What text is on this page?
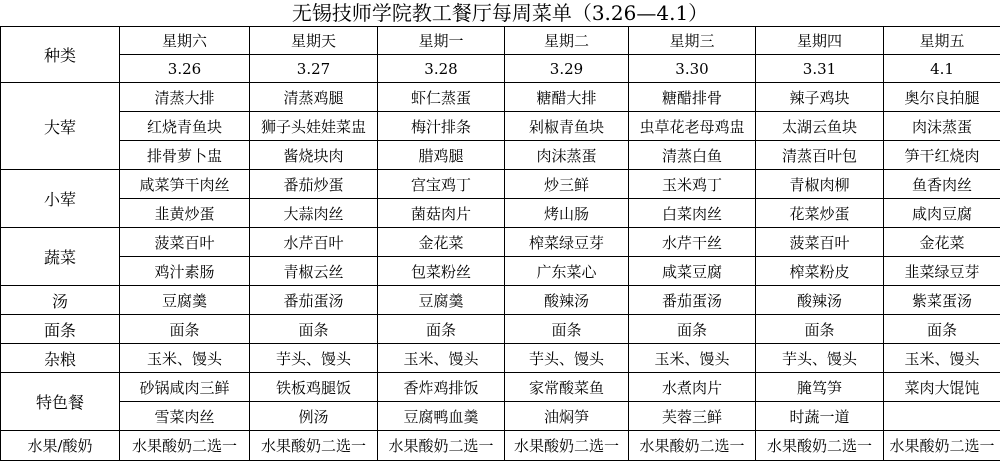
无锡技师学院教工餐厅每周菜单（3.26—4.1）
种类	星期六	星期天	星期一	星期二	星期三	星期四	星期五
	3.26	3.27	3.28	3.29	3.30	3.31	4.1
大荤	清蒸大排	清蒸鸡腿	虾仁蒸蛋	糖醋大排	糖醋排骨	辣子鸡块	奥尔良拍腿
	红烧青鱼块	狮子头娃娃菜盅	梅汁排条	剁椒青鱼块	虫草花老母鸡盅	太湖云鱼块	肉沫蒸蛋
	排骨萝卜盅	酱烧块肉	腊鸡腿	肉沫蒸蛋	清蒸白鱼	清蒸百叶包	笋干红烧肉
小荤	咸菜笋干肉丝	番茄炒蛋	宫宝鸡丁	炒三鲜	玉米鸡丁	青椒肉柳	鱼香肉丝
	韭黄炒蛋	大蒜肉丝	菌菇肉片	烤山肠	白菜肉丝	花菜炒蛋	咸肉豆腐
蔬菜	菠菜百叶	水芹百叶	金花菜	榨菜绿豆芽	水芹干丝	菠菜百叶	金花菜
	鸡汁素肠	青椒云丝	包菜粉丝	广东菜心	咸菜豆腐	榨菜粉皮	韭菜绿豆芽
汤	豆腐羹	番茄蛋汤	豆腐羹	酸辣汤	番茄蛋汤	酸辣汤	紫菜蛋汤
面条	面条	面条	面条	面条	面条	面条	面条
杂粮	玉米、馒头	芋头、馒头	玉米、馒头	芋头、馒头	玉米、馒头	芋头、馒头	玉米、馒头
特色餐	砂锅咸肉三鲜	铁板鸡腿饭	香炸鸡排饭	家常酸菜鱼	水煮肉片	腌笃笋	菜肉大馄饨
	雪菜肉丝	例汤	豆腐鸭血羹	油焖笋	芙蓉三鲜	时蔬一道	
水果/酸奶	水果酸奶二选一	水果酸奶二选一	水果酸奶二选一	水果酸奶二选一	水果酸奶二选一	水果酸奶二选一	水果酸奶二选一
